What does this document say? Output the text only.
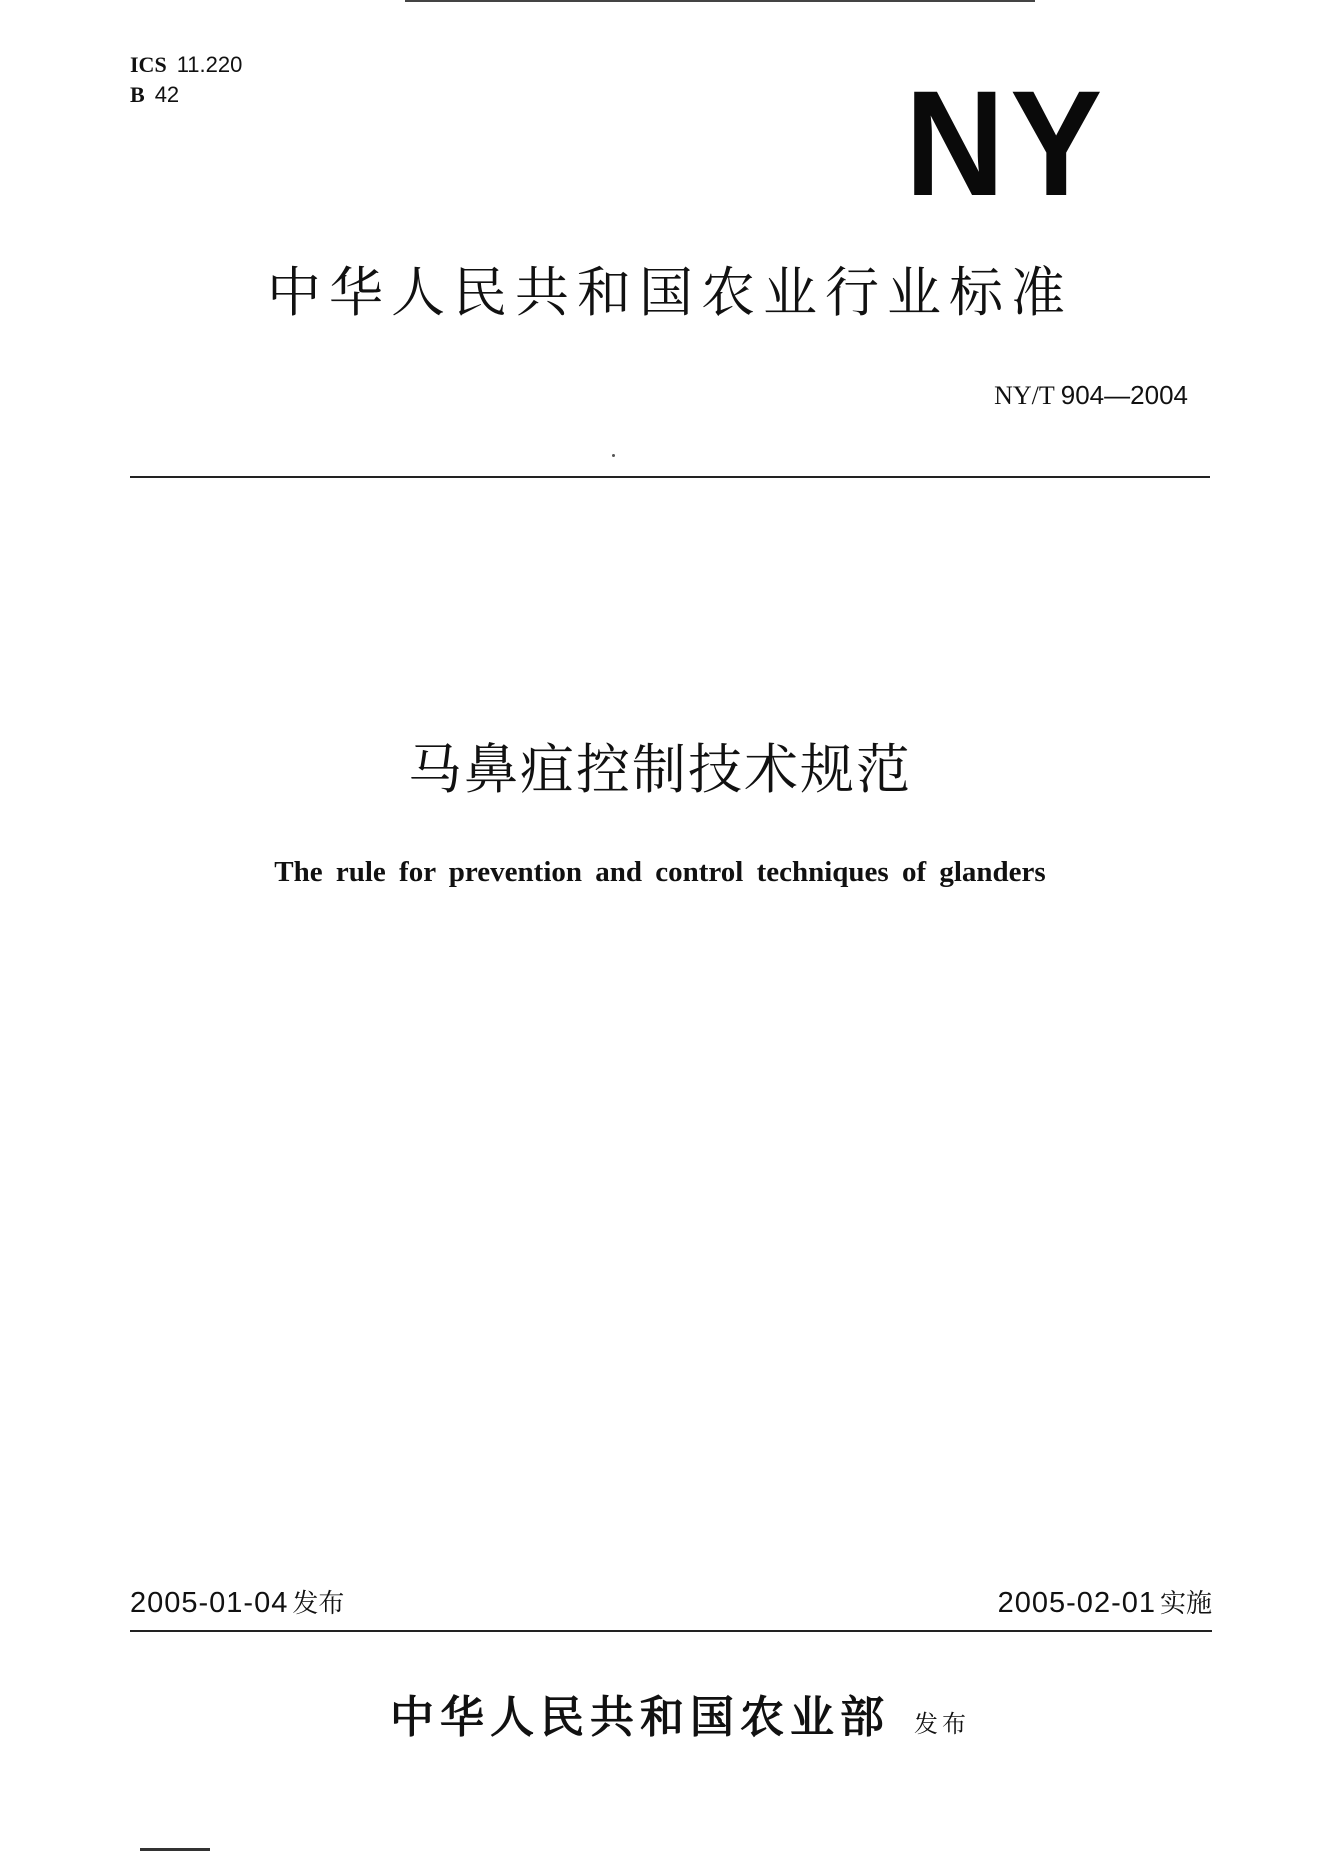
ICS 11.220
B 42	NY
中华人民共和国农业行业标准
NY/T 904—2004
马鼻疽控制技术规范
The rule for prevention and control techniques of glanders
2005-01-04 发布	2005-02-01 实施
中华人民共和国农业部 发布
